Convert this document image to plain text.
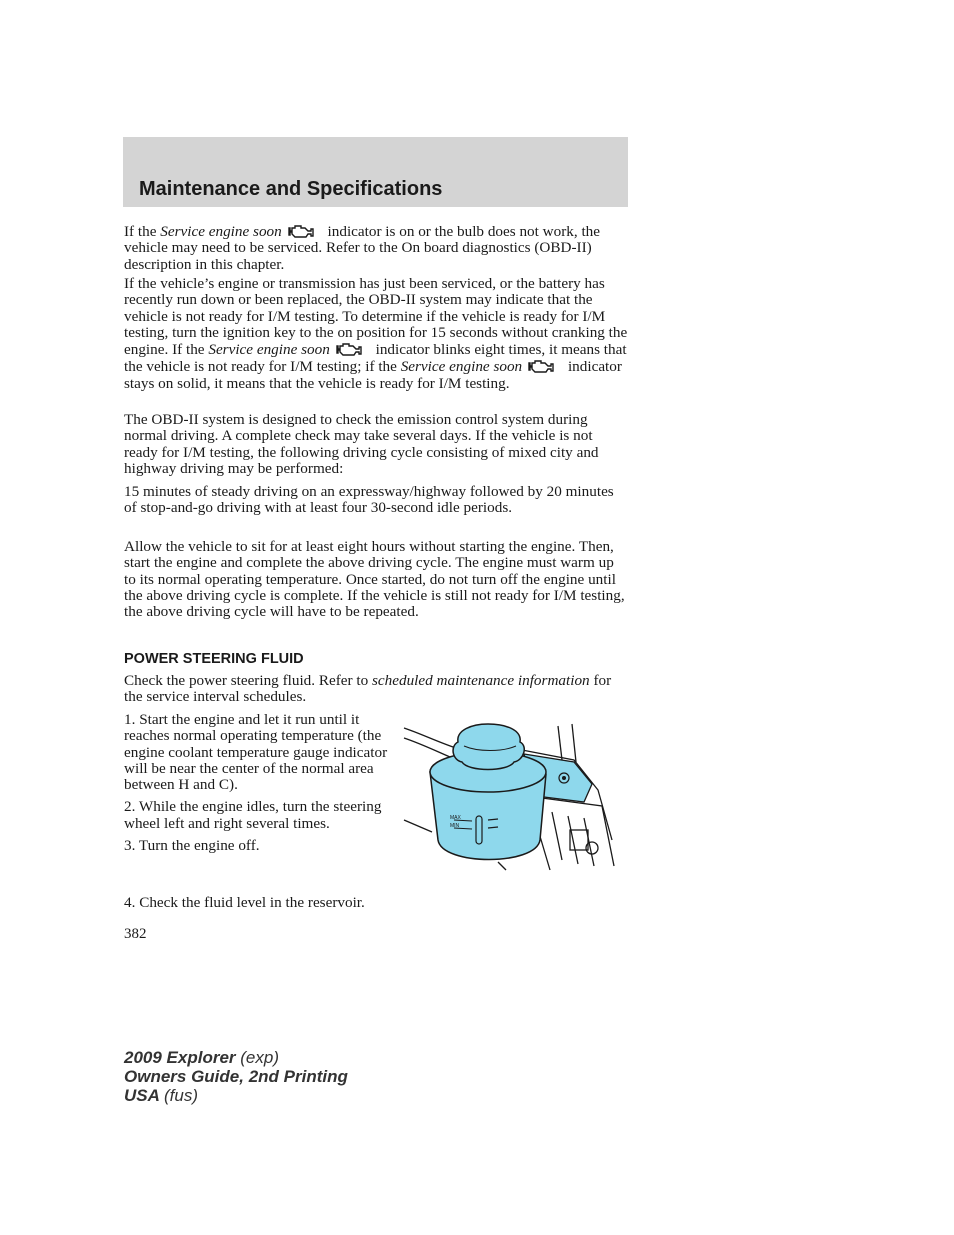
Maintenance and Specifications

If the Service engine soon	indicator is on or the bulb does not work, the vehicle may need to be serviced. Refer to the On board diagnostics (OBD-II) description in this chapter.

If the vehicle’s engine or transmission has just been serviced, or the battery has recently run down or been replaced, the OBD-II system may indicate that the vehicle is not ready for I/M testing. To determine if the vehicle is ready for I/M testing, turn the ignition key to the on position for 15 seconds without cranking the engine. If the Service engine soon	indicator blinks eight times, it means that the vehicle is not ready for I/M testing; if the Service engine soon	indicator stays on solid, it means that the vehicle is ready for I/M testing.

The OBD-II system is designed to check the emission control system during normal driving. A complete check may take several days. If the vehicle is not ready for I/M testing, the following driving cycle consisting of mixed city and highway driving may be performed:

15 minutes of steady driving on an expressway/highway followed by 20 minutes of stop-and-go driving with at least four 30-second idle periods.

Allow the vehicle to sit for at least eight hours without starting the engine. Then, start the engine and complete the above driving cycle. The engine must warm up to its normal operating temperature. Once started, do not turn off the engine until the above driving cycle is complete. If the vehicle is still not ready for I/M testing, the above driving cycle will have to be repeated.

POWER STEERING FLUID

Check the power steering fluid. Refer to scheduled maintenance information for the service interval schedules.

1. Start the engine and let it run until it reaches normal operating temperature (the engine coolant temperature gauge indicator will be near the center of the normal area between H and C).

2. While the engine idles, turn the steering wheel left and right several times.

3. Turn the engine off.

4. Check the fluid level in the reservoir.
MAX
MIN
382
2009 Explorer (exp)
Owners Guide, 2nd Printing
USA (fus)
